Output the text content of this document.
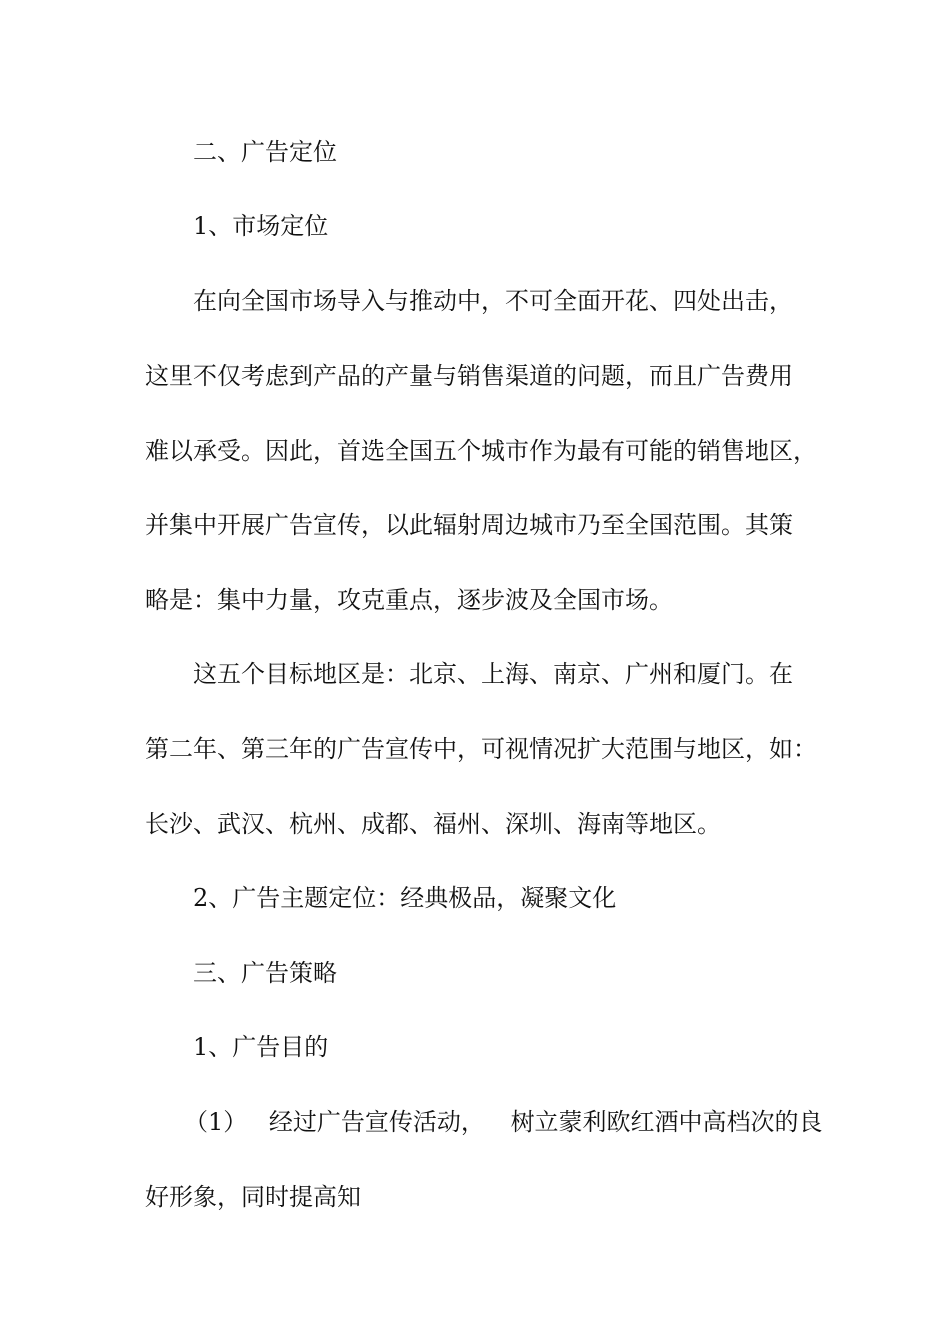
二、广告定位
1、市场定位
在向全国市场导入与推动中，不可全面开花、四处出击，
这里不仅考虑到产品的产量与销售渠道的问题，而且广告费用
难以承受。因此，首选全国五个城市作为最有可能的销售地区，
并集中开展广告宣传，以此辐射周边城市乃至全国范围。其策
略是：集中力量，攻克重点，逐步波及全国市场。
这五个目标地区是：北京、上海、南京、广州和厦门。在
第二年、第三年的广告宣传中，可视情况扩大范围与地区，如：
长沙、武汉、杭州、成都、福州、深圳、海南等地区。
2、广告主题定位：经典极品，凝聚文化
三、广告策略
1、广告目的
（1） 经过广告宣传活动， 树立蒙利欧红酒中高档次的良
好形象，同时提高知
